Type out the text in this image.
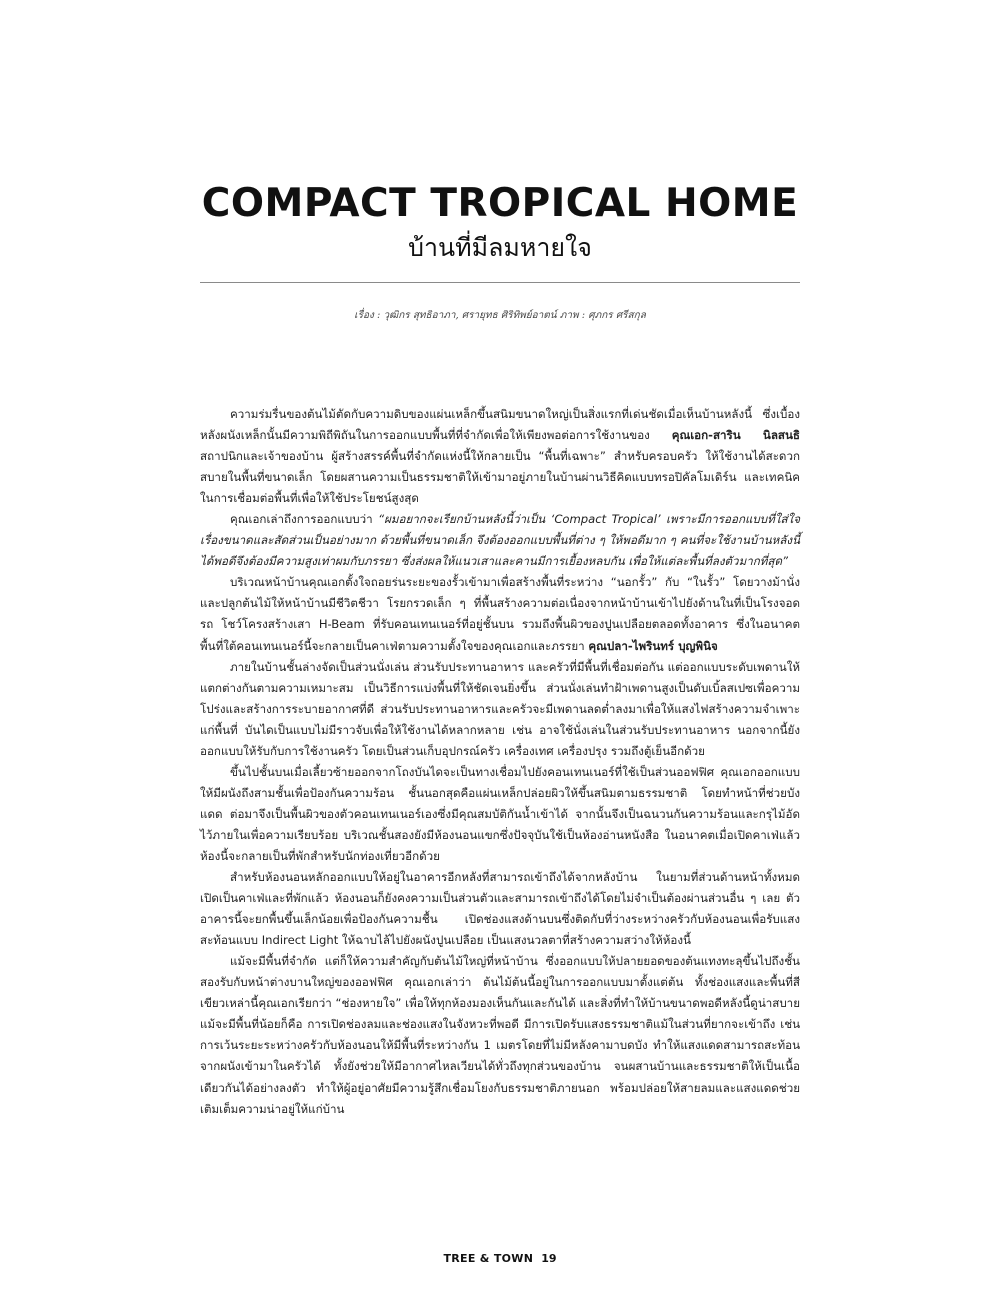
COMPACT TROPICAL HOME
บ้านที่มีลมหายใจ
เรื่อง : วุฒิกร สุทธิอาภา, ศรายุทธ ศิริทิพย์อาตน์ ภาพ : ศุภกร ศรีสกุล

ความร่มรื่นของต้นไม้ตัดกับความดิบของแผ่นเหล็กขึ้นสนิมขนาดใหญ่เป็นสิ่งแรกที่เด่นชัดเมื่อเห็นบ้านหลังนี้ ซึ่งเบื้องหลังผนังเหล็กนั้นมีความพิถีพิถันในการออกแบบพื้นที่ที่จำกัดเพื่อให้เพียงพอต่อการใช้งานของ คุณเอก-สาริน นิลสนธิ สถาปนิกและเจ้าของบ้าน ผู้สร้างสรรค์พื้นที่จำกัดแห่งนี้ให้กลายเป็น “พื้นที่เฉพาะ” สำหรับครอบครัว ให้ใช้งานได้สะดวกสบายในพื้นที่ขนาดเล็ก โดยผสานความเป็นธรรมชาติให้เข้ามาอยู่ภายในบ้านผ่านวิธีคิดแบบทรอปิคัลโมเดิร์น และเทคนิคในการเชื่อมต่อพื้นที่เพื่อให้ใช้ประโยชน์สูงสุด

คุณเอกเล่าถึงการออกแบบว่า “ผมอยากจะเรียกบ้านหลังนี้ว่าเป็น ‘Compact Tropical’ เพราะมีการออกแบบที่ใส่ใจเรื่องขนาดและสัดส่วนเป็นอย่างมาก ด้วยพื้นที่ขนาดเล็ก จึงต้องออกแบบพื้นที่ต่าง ๆ ให้พอดีมาก ๆ คนที่จะใช้งานบ้านหลังนี้ได้พอดีจึงต้องมีความสูงเท่าผมกับภรรยา ซึ่งส่งผลให้แนวเสาและคานมีการเยื้องหลบกัน เพื่อให้แต่ละพื้นที่ลงตัวมากที่สุด”

บริเวณหน้าบ้านคุณเอกตั้งใจถอยร่นระยะของรั้วเข้ามาเพื่อสร้างพื้นที่ระหว่าง “นอกรั้ว” กับ “ในรั้ว” โดยวางม้านั่งและปลูกต้นไม้ให้หน้าบ้านมีชีวิตชีวา โรยกรวดเล็ก ๆ ที่พื้นสร้างความต่อเนื่องจากหน้าบ้านเข้าไปยังด้านในที่เป็นโรงจอดรถ โชว์โครงสร้างเสา H-Beam ที่รับคอนเทนเนอร์ที่อยู่ชั้นบน รวมถึงพื้นผิวของปูนเปลือยตลอดทั้งอาคาร ซึ่งในอนาคตพื้นที่ใต้คอนเทนเนอร์นี้จะกลายเป็นคาเฟ่ตามความตั้งใจของคุณเอกและภรรยา คุณปลา-ไพรินทร์ บุญพินิจ

ภายในบ้านชั้นล่างจัดเป็นส่วนนั่งเล่น ส่วนรับประทานอาหาร และครัวที่มีพื้นที่เชื่อมต่อกัน แต่ออกแบบระดับเพดานให้แตกต่างกันตามความเหมาะสม เป็นวิธีการแบ่งพื้นที่ให้ชัดเจนยิ่งขึ้น ส่วนนั่งเล่นทำฝ้าเพดานสูงเป็นดับเบิ้ลสเปซเพื่อความโปร่งและสร้างการระบายอากาศที่ดี ส่วนรับประทานอาหารและครัวจะมีเพดานลดต่ำลงมาเพื่อให้แสงไฟสร้างความจำเพาะแก่พื้นที่ บันไดเป็นแบบไม่มีราวจับเพื่อให้ใช้งานได้หลากหลาย เช่น อาจใช้นั่งเล่นในส่วนรับประทานอาหาร นอกจากนี้ยังออกแบบให้รับกับการใช้งานครัว โดยเป็นส่วนเก็บอุปกรณ์ครัว เครื่องเทศ เครื่องปรุง รวมถึงตู้เย็นอีกด้วย

ขึ้นไปชั้นบนเมื่อเลี้ยวซ้ายออกจากโถงบันไดจะเป็นทางเชื่อมไปยังคอนเทนเนอร์ที่ใช้เป็นส่วนออฟฟิศ คุณเอกออกแบบให้มีผนังถึงสามชั้นเพื่อป้องกันความร้อน ชั้นนอกสุดคือแผ่นเหล็กปล่อยผิวให้ขึ้นสนิมตามธรรมชาติ โดยทำหน้าที่ช่วยบังแดด ต่อมาจึงเป็นพื้นผิวของตัวคอนเทนเนอร์เองซึ่งมีคุณสมบัติกันน้ำเข้าได้ จากนั้นจึงเป็นฉนวนกันความร้อนและกรุไม้อัดไว้ภายในเพื่อความเรียบร้อย บริเวณชั้นสองยังมีห้องนอนแขกซึ่งปัจจุบันใช้เป็นห้องอ่านหนังสือ ในอนาคตเมื่อเปิดคาเฟ่แล้ว ห้องนี้จะกลายเป็นที่พักสำหรับนักท่องเที่ยวอีกด้วย

สำหรับห้องนอนหลักออกแบบให้อยู่ในอาคารอีกหลังที่สามารถเข้าถึงได้จากหลังบ้าน ในยามที่ส่วนด้านหน้าทั้งหมดเปิดเป็นคาเฟ่และที่พักแล้ว ห้องนอนก็ยังคงความเป็นส่วนตัวและสามารถเข้าถึงได้โดยไม่จำเป็นต้องผ่านส่วนอื่น ๆ เลย ตัวอาคารนี้จะยกพื้นขึ้นเล็กน้อยเพื่อป้องกันความชื้น เปิดช่องแสงด้านบนซึ่งติดกับที่ว่างระหว่างครัวกับห้องนอนเพื่อรับแสงสะท้อนแบบ Indirect Light ให้ฉาบไล้ไปยังผนังปูนเปลือย เป็นแสงนวลตาที่สร้างความสว่างให้ห้องนี้

แม้จะมีพื้นที่จำกัด แต่ก็ให้ความสำคัญกับต้นไม้ใหญ่ที่หน้าบ้าน ซึ่งออกแบบให้ปลายยอดของต้นแทงทะลุขึ้นไปถึงชั้นสองรับกับหน้าต่างบานใหญ่ของออฟฟิศ คุณเอกเล่าว่า ต้นไม้ต้นนี้อยู่ในการออกแบบมาตั้งแต่ต้น ทั้งช่องแสงและพื้นที่สีเขียวเหล่านี้คุณเอกเรียกว่า “ช่องหายใจ” เพื่อให้ทุกห้องมองเห็นกันและกันได้ และสิ่งที่ทำให้บ้านขนาดพอดีหลังนี้ดูน่าสบายแม้จะมีพื้นที่น้อยก็คือ การเปิดช่องลมและช่องแสงในจังหวะที่พอดี มีการเปิดรับแสงธรรมชาติแม้ในส่วนที่ยากจะเข้าถึง เช่น การเว้นระยะระหว่างครัวกับห้องนอนให้มีพื้นที่ระหว่างกัน 1 เมตรโดยที่ไม่มีหลังคามาบดบัง ทำให้แสงแดดสามารถสะท้อนจากผนังเข้ามาในครัวได้ ทั้งยังช่วยให้มีอากาศไหลเวียนได้ทั่วถึงทุกส่วนของบ้าน จนผสานบ้านและธรรมชาติให้เป็นเนื้อเดียวกันได้อย่างลงตัว ทำให้ผู้อยู่อาศัยมีความรู้สึกเชื่อมโยงกับธรรมชาติภายนอก พร้อมปล่อยให้สายลมและแสงแดดช่วยเติมเต็มความน่าอยู่ให้แก่บ้าน

TREE & TOWN 19
